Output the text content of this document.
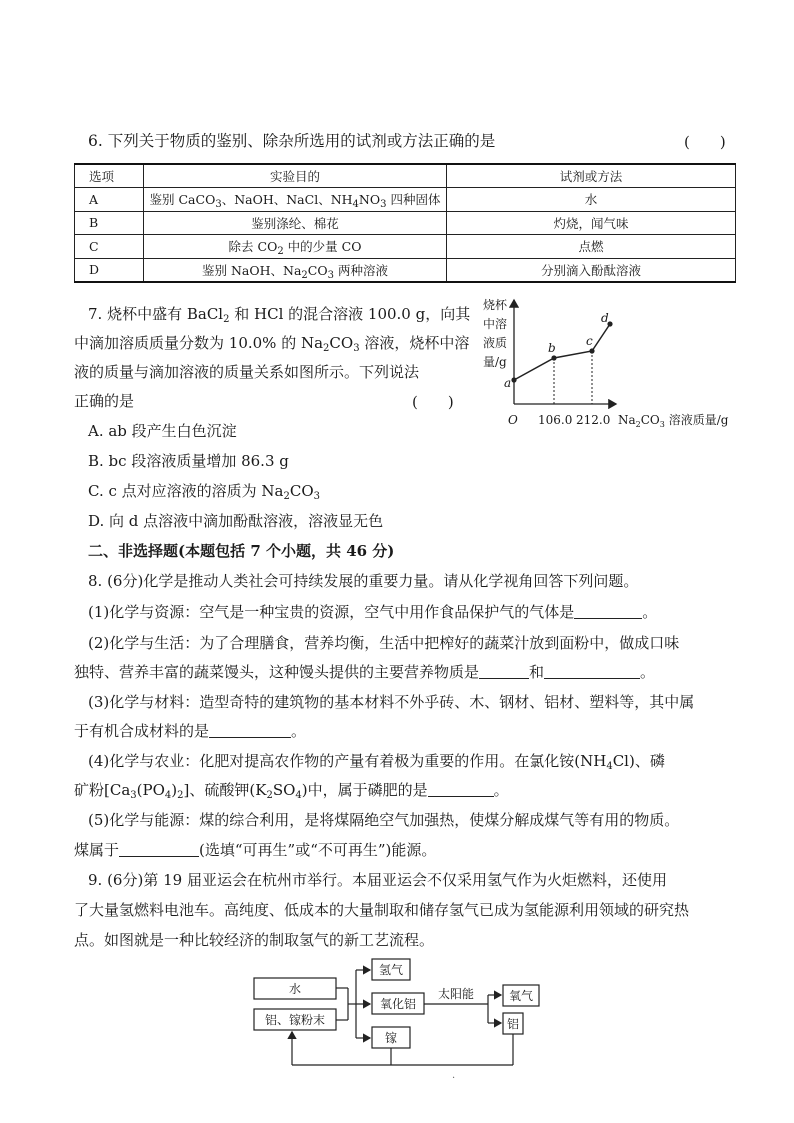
6. 下列关于物质的鉴别、除杂所选用的试剂或方法正确的是	(　　)
选项	实验目的	试剂或方法
A	鉴别 CaCO$_3$、NaOH、NaCl、$NH_4NO_3$ 四种固体	水
B	鉴别涤纶、棉花	灼烧，闻气味
C	除去 $CO_2$ 中的少量 CO	点燃
D	鉴别 NaOH、$Na_2CO_3$ 两种溶液	分别滴入酚酞溶液
7. 烧杯中盛有 BaCl$_2$ 和 HCl 的混合溶液 100.0 g，向其
中滴加溶质质量分数为 10.0% 的 $Na_2CO_3$ 溶液，烧杯中溶
液的质量与滴加溶液的质量关系如图所示。下列说法
正确的是	(　　)
A. ab 段产生白色沉淀
B. bc 段溶液质量增加 86.3 g
C. c 点对应溶液的溶质为 $Na_2CO_3$
D. 向 d 点溶液中滴加酚酞溶液，溶液显无色
烧杯
中溶
液质
量/g
O 106.0 212.0 $Na_2CO_3$ 溶液质量/g
a
b	c
d
二、非选择题(本题包括 7 个小题，共 46 分)
8. (6分)化学是推动人类社会可持续发展的重要力量。请从化学视角回答下列问题。
(1)化学与资源：空气是一种宝贵的资源，空气中用作食品保护气的气体是	。
(2)化学与生活：为了合理膳食，营养均衡，生活中把榨好的蔬菜汁放到面粉中，做成口味
独特、营养丰富的蔬菜馒头，这种馒头提供的主要营养物质是	和	。
(3)化学与材料：造型奇特的建筑物的基本材料不外乎砖、木、钢材、铝材、塑料等，其中属
于有机合成材料的是	。
(4)化学与农业：化肥对提高农作物的产量有着极为重要的作用。在氯化铵$(NH_4Cl)$、磷
矿粉$[Ca_3(PO_4)_2]$、硫酸钾$(K_2SO_4)$中，属于磷肥的是	。
(5)化学与能源：煤的综合利用，是将煤隔绝空气加强热，使煤分解成煤气等有用的物质。
煤属于	(选填“可再生”或“不可再生”)能源。
9. (6分)第 19 届亚运会在杭州市举行。本届亚运会不仅采用氢气作为火炬燃料，还使用
了大量氢燃料电池车。高纯度、低成本的大量制取和储存氢气已成为氢能源利用领域的研究热
点。如图就是一种比较经济的制取氢气的新工艺流程。
水
铝、镓粉末
氢气
氧化铝
镓
太阳能	氧气
铝
·
